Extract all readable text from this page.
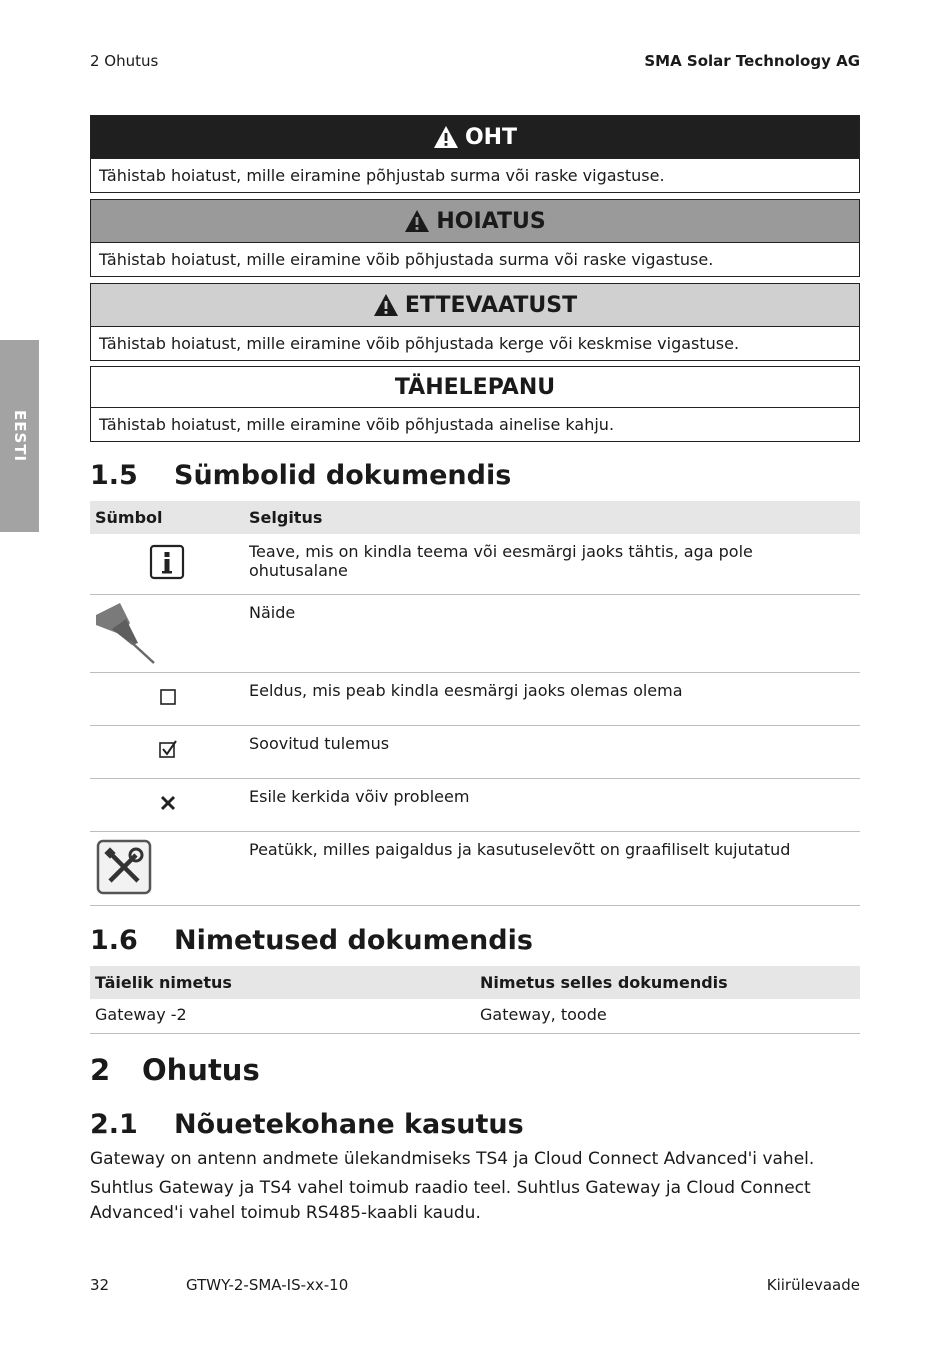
2 Ohutus	SMA Solar Technology AG
EESTI
OHT
Tähistab hoiatust, mille eiramine põhjustab surma või raske vigastuse.
HOIATUS
Tähistab hoiatust, mille eiramine võib põhjustada surma või raske vigastuse.
ETTEVAATUST
Tähistab hoiatust, mille eiramine võib põhjustada kerge või keskmise vigastuse.
TÄHELEPANU
Tähistab hoiatust, mille eiramine võib põhjustada ainelise kahju.
1.5 Sümbolid dokumendis
Sümbol	Selgitus

	Teave, mis on kindla teema või eesmärgi jaoks tähtis, aga pole ohutusalane

	Näide

	Eeldus, mis peab kindla eesmärgi jaoks olemas olema

	Soovitud tulemus

	Esile kerkida võiv probleem

	Peatükk, milles paigaldus ja kasutuselevõtt on graafiliselt kujutatud
1.6 Nimetused dokumendis
Täielik nimetus	Nimetus selles dokumendis
Gateway -2	Gateway, toode
2 Ohutus
2.1 Nõuetekohane kasutus
Gateway on antenn andmete ülekandmiseks TS4 ja Cloud Connect Advanced'i vahel.
Suhtlus Gateway ja TS4 vahel toimub raadio teel. Suhtlus Gateway ja Cloud Connect Advanced'i vahel toimub RS485-kaabli kaudu.
32	GTWY-2-SMA-IS-xx-10	Kiirülevaade
